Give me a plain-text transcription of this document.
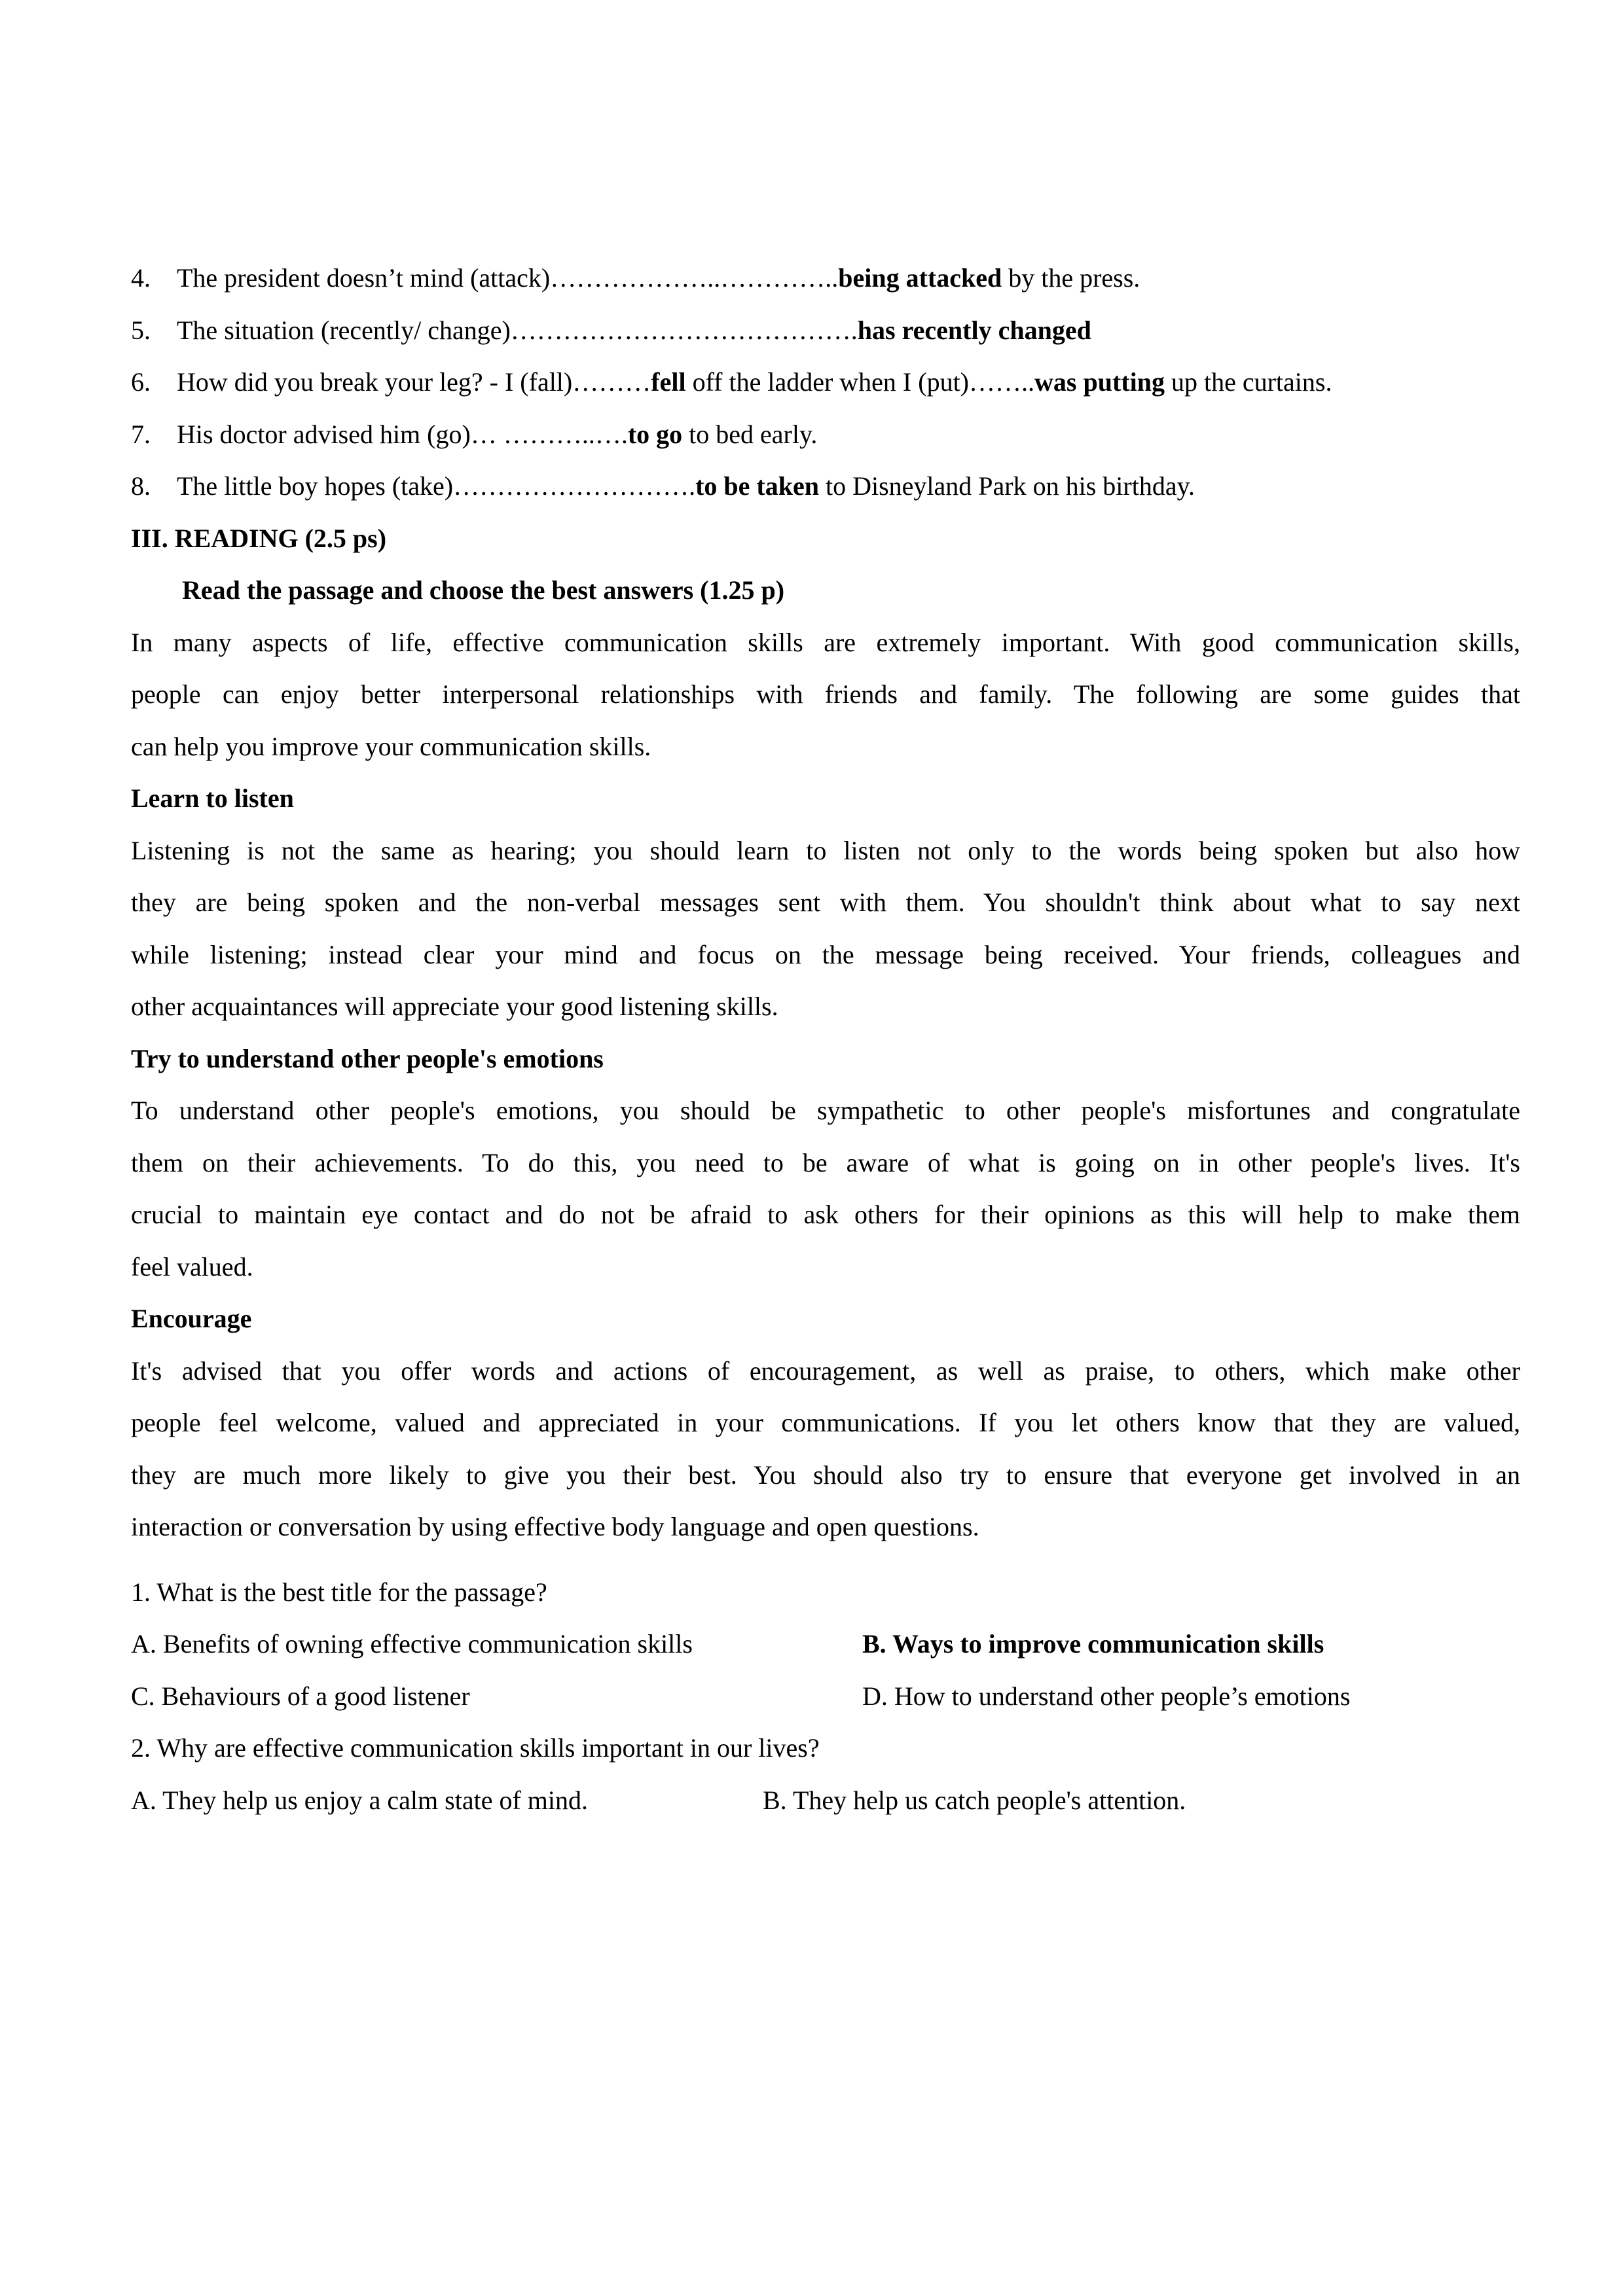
4.	The president doesn’t mind (attack)………………..…………..being attacked by the press.
5.	The situation (recently/ change)………………………………….has recently changed
6.	How did you break your leg? - I (fall)………fell off the ladder when I (put)……..was putting up the curtains.
7.	His doctor advised him (go)… ………..….to go to bed early.
8.	The little boy hopes (take)……………………….to be taken to Disneyland Park on his birthday.
III. READING (2.5 ps)
Read the passage and choose the best answers (1.25 p)
In many aspects of life, effective communication skills are extremely important. With good communication skills,
people can enjoy better interpersonal relationships with friends and family. The following are some guides that
can help you improve your communication skills.
Learn to listen
Listening is not the same as hearing; you should learn to listen not only to the words being spoken but also how
they are being spoken and the non-verbal messages sent with them. You shouldn't think about what to say next
while listening; instead clear your mind and focus on the message being received. Your friends, colleagues and
other acquaintances will appreciate your good listening skills.
Try to understand other people's emotions
To understand other people's emotions, you should be sympathetic to other people's misfortunes and congratulate
them on their achievements. To do this, you need to be aware of what is going on in other people's lives. It's
crucial to maintain eye contact and do not be afraid to ask others for their opinions as this will help to make them
feel valued.
Encourage
It's advised that you offer words and actions of encouragement, as well as praise, to others, which make other
people feel welcome, valued and appreciated in your communications. If you let others know that they are valued,
they are much more likely to give you their best. You should also try to ensure that everyone get involved in an
interaction or conversation by using effective body language and open questions.
1. What is the best title for the passage?
A. Benefits of owning effective communication skills	B. Ways to improve communication skills
C. Behaviours of a good listener	D. How to understand other people’s emotions
2. Why are effective communication skills important in our lives?
A. They help us enjoy a calm state of mind.	B. They help us catch people's attention.
